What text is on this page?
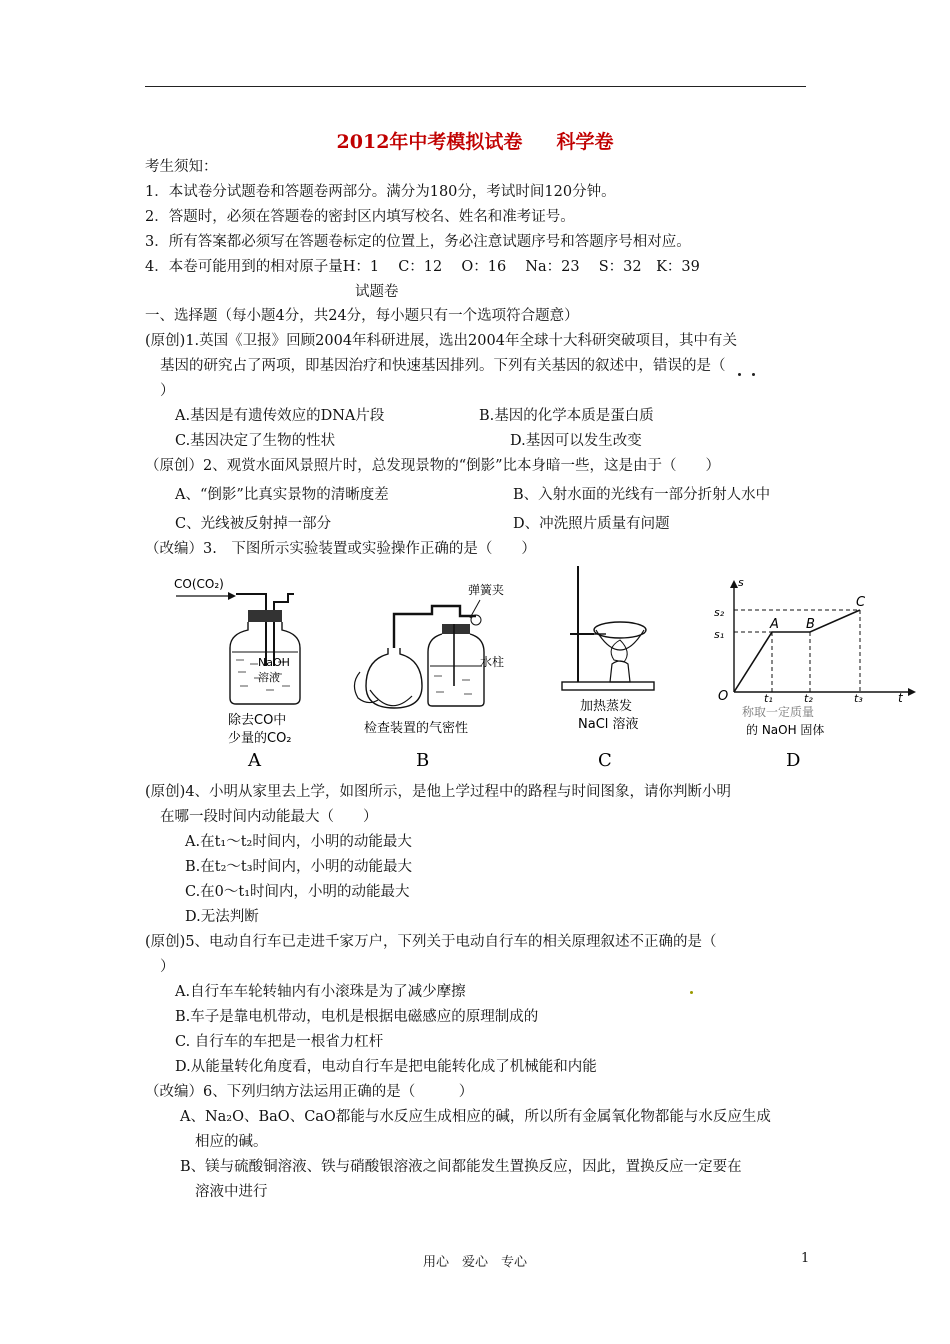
2012年中考模拟试卷 科学卷
考生须知：
1．本试卷分试题卷和答题卷两部分。满分为180分，考试时间120分钟。
2．答题时，必须在答题卷的密封区内填写校名、姓名和准考证号。
3．所有答案都必须写在答题卷标定的位置上，务必注意试题序号和答题序号相对应。
4．本卷可能用到的相对原子量H：1　 C：12　 O：16　 Na：23　 S：32　K：39
试题卷
一、选择题（每小题4分，共24分，每小题只有一个选项符合题意）
(原创)1.英国《卫报》回顾2004年科研进展，选出2004年全球十大科研突破项目，其中有关
基因的研究占了两项，即基因治疗和快速基因排列。下列有关基因的叙述中，错误的是（
）
A.基因是有遗传效应的DNA片段	B.基因的化学本质是蛋白质
C.基因决定了生物的性状	D.基因可以发生改变
（原创）2、观赏水面风景照片时，总发现景物的“倒影”比本身暗一些，这是由于（　　）
A、“倒影”比真实景物的清晰度差	B、入射水面的光线有一部分折射人水中
C、光线被反射掉一部分	D、冲洗照片质量有问题
（改编）3.　下图所示实验装置或实验操作正确的是（　　）
CO(CO₂)
NaOH
溶液
除去CO中
少量的CO₂
A
弹簧夹
水柱
检查装置的气密性
B
加热蒸发
NaCl 溶液
C
s
s₂
s₁
A B
C
O	t₁	t₂	t₃	t
称取一定质量
的 NaOH 固体
D
(原创)4、小明从家里去上学，如图所示，是他上学过程中的路程与时间图象，请你判断小明
在哪一段时间内动能最大（　　）
A.在t₁～t₂时间内，小明的动能最大
B.在t₂～t₃时间内，小明的动能最大
C.在0～t₁时间内，小明的动能最大
D.无法判断
(原创)5、电动自行车已走进千家万户，下列关于电动自行车的相关原理叙述不正确的是（
）
A.自行车车轮转轴内有小滚珠是为了减少摩擦
B.车子是靠电机带动，电机是根据电磁感应的原理制成的
C. 自行车的车把是一根省力杠杆
D.从能量转化角度看，电动自行车是把电能转化成了机械能和内能
（改编）6、下列归纳方法运用正确的是（　　　）
A、Na₂O、BaO、CaO都能与水反应生成相应的碱，所以所有金属氧化物都能与水反应生成
相应的碱。
B、镁与硫酸铜溶液、铁与硝酸银溶液之间都能发生置换反应，因此，置换反应一定要在
溶液中进行
用心　爱心　专心	1
